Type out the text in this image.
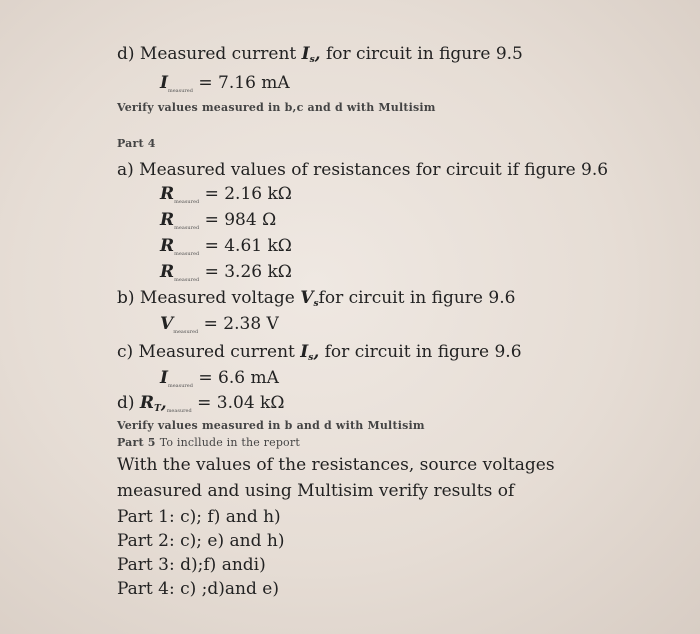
d) Measured current Is, for circuit in figure 9.5
$I_{measured} = 7.16$ mA
Verify values measured in b,c and d with Multisim
Part 4
a) Measured values of resistances for circuit if figure 9.6
$R_{measured} = 2.16$ kΩ
$R_{measured} = 984$ Ω
$R_{measured} = 4.61$ kΩ
$R_{measured} = 3.26$ kΩ
b) Measured voltage Vsfor circuit in figure 9.6
$V_{measured} = 2.38$ V
c) Measured current Is, for circuit in figure 9.6
$I_{measured} = 6.6$ mA
d) $RT,_{measured} = 3.04$ kΩ
Verify values measured in b and d with Multisim
Part 5 To incllude in the report
With the values of the resistances, source voltages
measured and using Multisim verify results of
Part 1: c); f) and h)
Part 2: c); e) and h)
Part 3: d);f) andi)
Part 4: c) ;d)and e)
